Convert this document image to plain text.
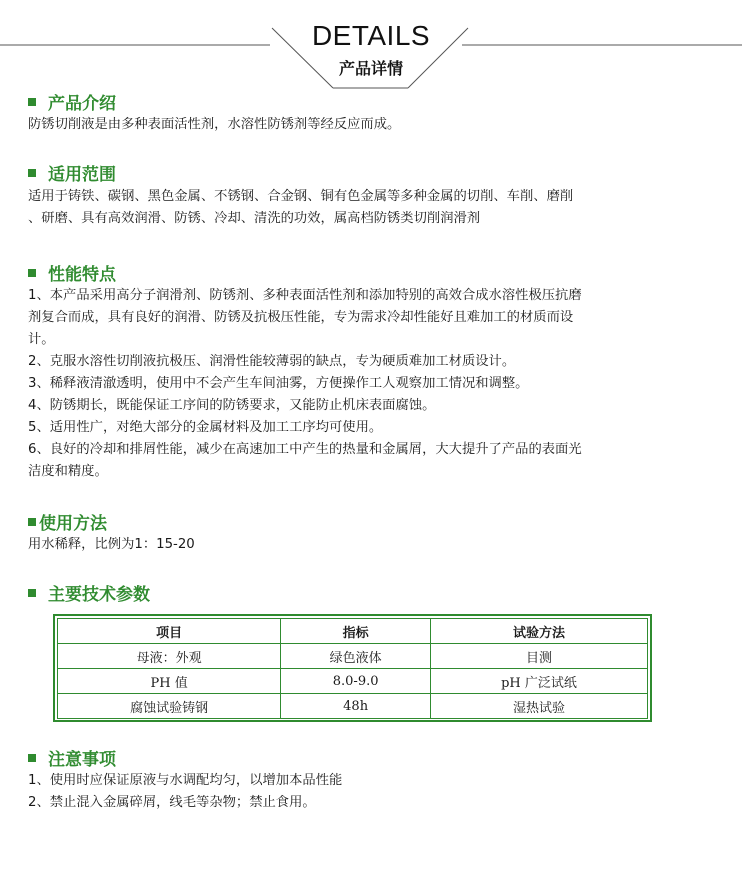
DETAILS
产品详情
产品介绍
防锈切削液是由多种表面活性剂，水溶性防锈剂等经反应而成。
适用范围
适用于铸铁、碳钢、黑色金属、不锈钢、合金钢、铜有色金属等多种金属的切削、车削、磨削
、研磨、具有高效润滑、防锈、冷却、清洗的功效，属高档防锈类切削润滑剂
性能特点
1、本产品采用高分子润滑剂、防锈剂、多种表面活性剂和添加特别的高效合成水溶性极压抗磨
剂复合而成，具有良好的润滑、防锈及抗极压性能，专为需求冷却性能好且难加工的材质而设
计。
2、克服水溶性切削液抗极压、润滑性能较薄弱的缺点，专为硬质难加工材质设计。
3、稀释液清澈透明，使用中不会产生车间油雾，方便操作工人观察加工情况和调整。
4、防锈期长，既能保证工序间的防锈要求，又能防止机床表面腐蚀。
5、适用性广，对绝大部分的金属材料及加工工序均可使用。
6、良好的冷却和排屑性能，减少在高速加工中产生的热量和金属屑，大大提升了产品的表面光
洁度和精度。
使用方法
用水稀释，比例为1：15-20
主要技术参数
项目	指标	试验方法
母液：外观	绿色液体	目测
PH 值	8.0-9.0	pH 广泛试纸
腐蚀试验铸钢	48h	湿热试验
注意事项
1、使用时应保证原液与水调配均匀，以增加本品性能
2、禁止混入金属碎屑，线毛等杂物；禁止食用。
